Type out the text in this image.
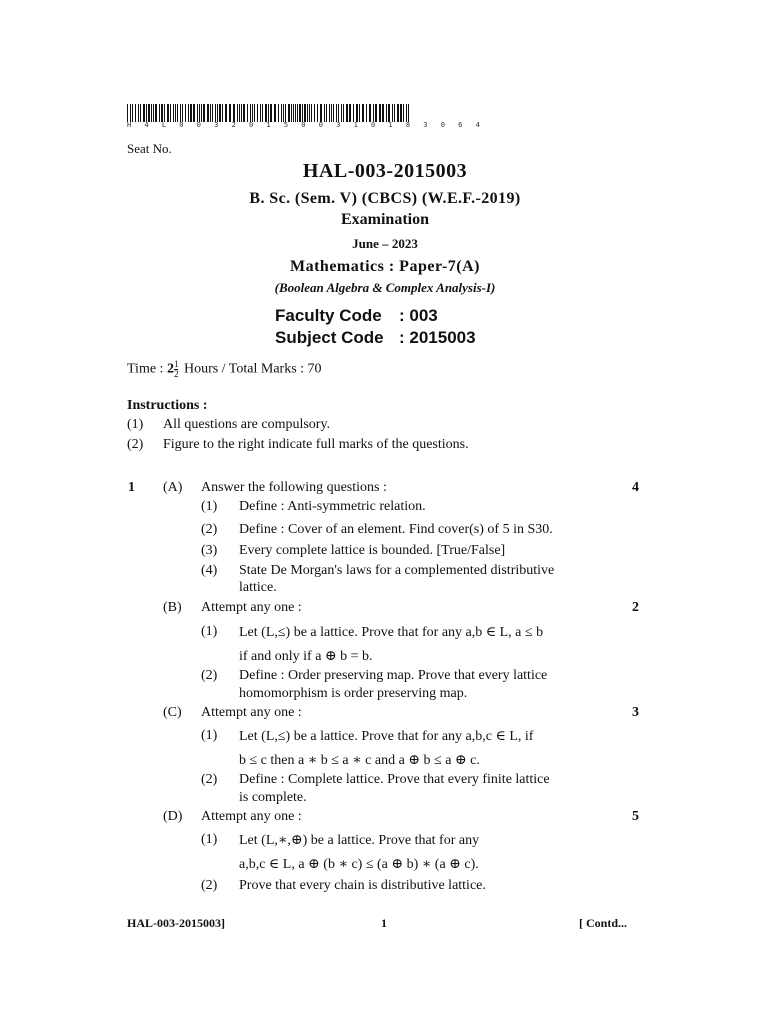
H 4 L 0 0 3 2 0 1 5 0 0 3 1 0 1 8 3 0 6 4
Seat No.
HAL-003-2015003
B. Sc. (Sem. V) (CBCS) (W.E.F.-2019)
Examination
June – 2023
Mathematics : Paper-7(A)
(Boolean Algebra & Complex Analysis-I)
Faculty Code : 003
Subject Code : 2015003
Time : $2 \frac{1}{2}$ Hours / Total Marks : 70
Instructions :
(1) All questions are compulsory.
(2) Figure to the right indicate full marks of the questions.
1 (A) Answer the following questions :	4
(1) Define : Anti-symmetric relation.
(2) Define : Cover of an element. Find cover(s) of 5 in S30.
(3) Every complete lattice is bounded. [True/False]
(4) State De Morgan's laws for a complemented distributive
lattice.
(B) Attempt any one :	2
(1) Let (L,≤) be a lattice. Prove that for any a,b ∈ L, a ≤ b
if and only if a ⊕ b = b.
(2) Define : Order preserving map. Prove that every lattice
homomorphism is order preserving map.
(C) Attempt any one :	3
(1) Let (L,≤) be a lattice. Prove that for any a,b,c ∈ L, if
b ≤ c then a ∗ b ≤ a ∗ c and a ⊕ b ≤ a ⊕ c.
(2) Define : Complete lattice. Prove that every finite lattice
is complete.
(D) Attempt any one :	5
(1) Let (L,∗,⊕) be a lattice. Prove that for any
a,b,c ∈ L, a ⊕ (b ∗ c) ≤ (a ⊕ b) ∗ (a ⊕ c).
(2) Prove that every chain is distributive lattice.
HAL-003-2015003]	1	[ Contd...
